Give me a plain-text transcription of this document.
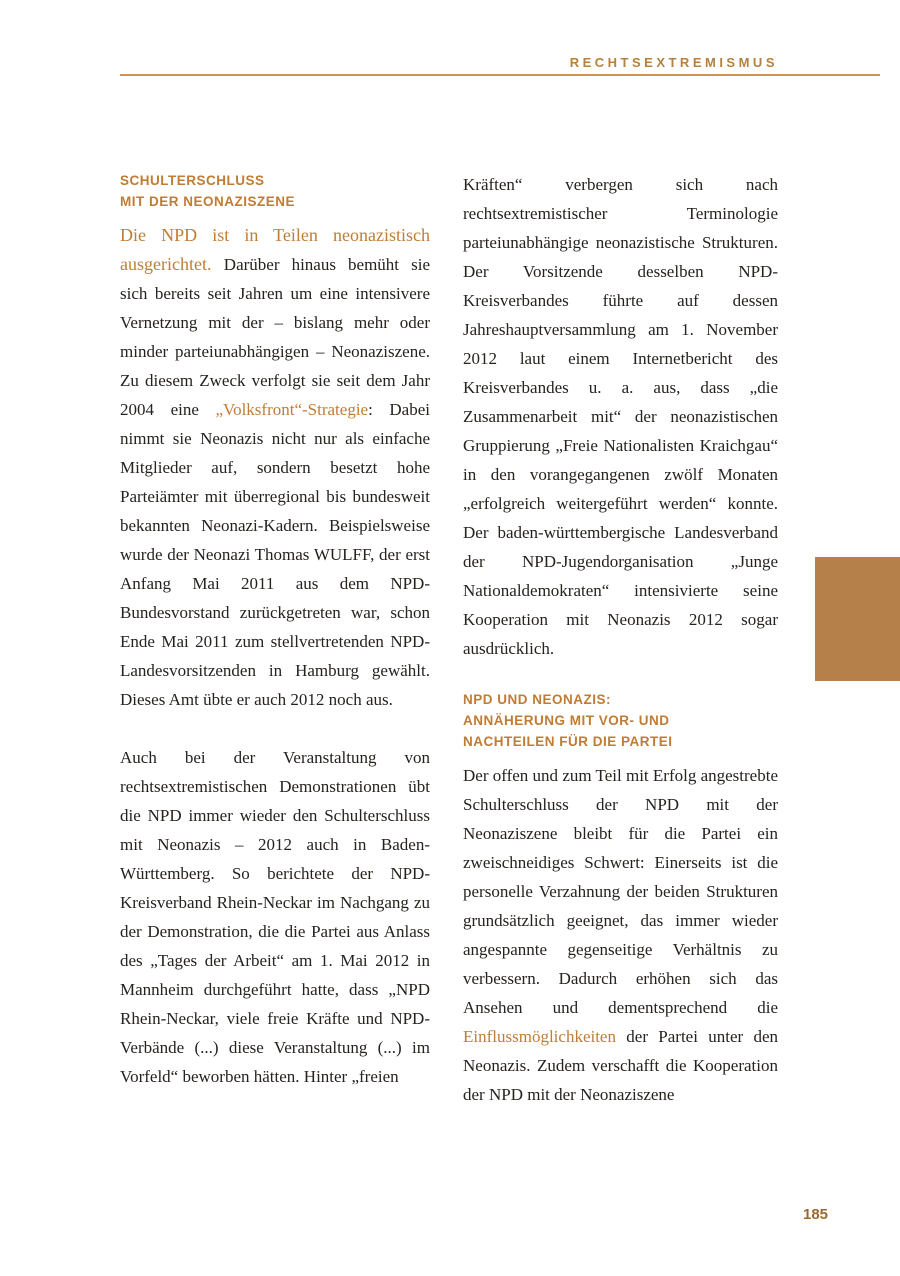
RECHTSEXTREMISMUS
SCHULTERSCHLUSS
MIT DER NEONAZISZENE

Die NPD ist in Teilen neonazistisch ausgerichtet. Darüber hinaus bemüht sie sich bereits seit Jahren um eine intensivere Vernetzung mit der – bislang mehr oder minder parteiunabhängigen – Neonaziszene. Zu diesem Zweck verfolgt sie seit dem Jahr 2004 eine „Volksfront“-Strategie: Dabei nimmt sie Neonazis nicht nur als einfache Mitglieder auf, sondern besetzt hohe Parteiämter mit überregional bis bundesweit bekannten Neonazi-Kadern. Beispielsweise wurde der Neonazi Thomas WULFF, der erst Anfang Mai 2011 aus dem NPD-Bundesvorstand zurückgetreten war, schon Ende Mai 2011 zum stellvertretenden NPD-Landesvorsitzenden in Hamburg gewählt. Dieses Amt übte er auch 2012 noch aus.

Auch bei der Veranstaltung von rechtsextremistischen Demonstrationen übt die NPD immer wieder den Schulterschluss mit Neonazis – 2012 auch in Baden-Württemberg. So berichtete der NPD-Kreisverband Rhein-Neckar im Nachgang zu der Demonstration, die die Partei aus Anlass des „Tages der Arbeit“ am 1. Mai 2012 in Mannheim durchgeführt hatte, dass „NPD Rhein-Neckar, viele freie Kräfte und NPD-Verbände (...) diese Veranstaltung (...) im Vorfeld“ beworben hätten. Hinter „freien

Kräften“ verbergen sich nach rechtsextremistischer Terminologie parteiunabhängige neonazistische Strukturen. Der Vorsitzende desselben NPD-Kreisverbandes führte auf dessen Jahreshauptversammlung am 1. November 2012 laut einem Internetbericht des Kreisverbandes u. a. aus, dass „die Zusammenarbeit mit“ der neonazistischen Gruppierung „Freie Nationalisten Kraichgau“ in den vorangegangenen zwölf Monaten „erfolgreich weitergeführt werden“ konnte. Der baden-württembergische Landesverband der NPD-Jugendorganisation „Junge Nationaldemokraten“ intensivierte seine Kooperation mit Neonazis 2012 sogar ausdrücklich.

NPD UND NEONAZIS:
ANNÄHERUNG MIT VOR- UND
NACHTEILEN FÜR DIE PARTEI

Der offen und zum Teil mit Erfolg angestrebte Schulterschluss der NPD mit der Neonaziszene bleibt für die Partei ein zweischneidiges Schwert: Einerseits ist die personelle Verzahnung der beiden Strukturen grundsätzlich geeignet, das immer wieder angespannte gegenseitige Verhältnis zu verbessern. Dadurch erhöhen sich das Ansehen und dementsprechend die Einflussmöglichkeiten der Partei unter den Neonazis. Zudem verschafft die Kooperation der NPD mit der Neonaziszene

185
